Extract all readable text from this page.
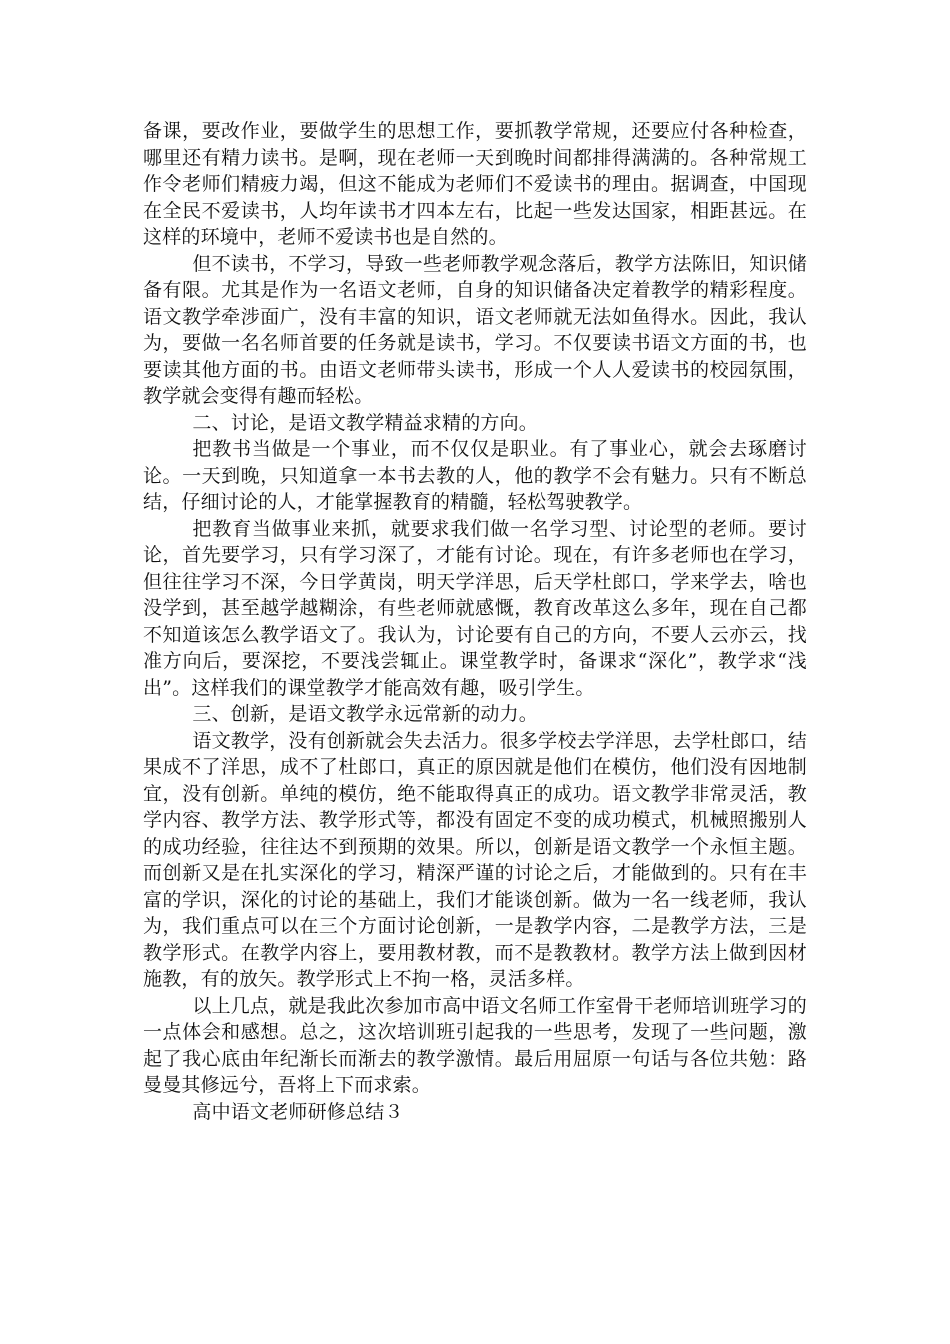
备课，要改作业，要做学生的思想工作，要抓教学常规，还要应付各种检查，哪里还有精力读书。是啊，现在老师一天到晚时间都排得满满的。各种常规工作令老师们精疲力竭，但这不能成为老师们不爱读书的理由。据调查，中国现在全民不爱读书，人均年读书才四本左右，比起一些发达国家，相距甚远。在这样的环境中，老师不爱读书也是自然的。

但不读书，不学习，导致一些老师教学观念落后，教学方法陈旧，知识储备有限。尤其是作为一名语文老师，自身的知识储备决定着教学的精彩程度。语文教学牵涉面广，没有丰富的知识，语文老师就无法如鱼得水。因此，我认为，要做一名名师首要的任务就是读书，学习。不仅要读书语文方面的书，也要读其他方面的书。由语文老师带头读书，形成一个人人爱读书的校园氛围，教学就会变得有趣而轻松。

二、讨论，是语文教学精益求精的方向。

把教书当做是一个事业，而不仅仅是职业。有了事业心，就会去琢磨讨论。一天到晚，只知道拿一本书去教的人，他的教学不会有魅力。只有不断总结，仔细讨论的人，才能掌握教育的精髓，轻松驾驶教学。

把教育当做事业来抓，就要求我们做一名学习型、讨论型的老师。要讨论，首先要学习，只有学习深了，才能有讨论。现在，有许多老师也在学习，但往往学习不深，今日学黄岗，明天学洋思，后天学杜郎口，学来学去，啥也没学到，甚至越学越糊涂，有些老师就感慨，教育改革这么多年，现在自己都不知道该怎么教学语文了。我认为，讨论要有自己的方向，不要人云亦云，找准方向后，要深挖，不要浅尝辄止。课堂教学时，备课求“深化”，教学求“浅出”。这样我们的课堂教学才能高效有趣，吸引学生。

三、创新，是语文教学永远常新的动力。

语文教学，没有创新就会失去活力。很多学校去学洋思，去学杜郎口，结果成不了洋思，成不了杜郎口，真正的原因就是他们在模仿，他们没有因地制宜，没有创新。单纯的模仿，绝不能取得真正的成功。语文教学非常灵活，教学内容、教学方法、教学形式等，都没有固定不变的成功模式，机械照搬别人的成功经验，往往达不到预期的效果。所以，创新是语文教学一个永恒主题。而创新又是在扎实深化的学习，精深严谨的讨论之后，才能做到的。只有在丰富的学识，深化的讨论的基础上，我们才能谈创新。做为一名一线老师，我认为，我们重点可以在三个方面讨论创新，一是教学内容，二是教学方法，三是教学形式。在教学内容上，要用教材教，而不是教教材。教学方法上做到因材施教，有的放矢。教学形式上不拘一格，灵活多样。

以上几点，就是我此次参加市高中语文名师工作室骨干老师培训班学习的一点体会和感想。总之，这次培训班引起我的一些思考，发现了一些问题，激起了我心底由年纪渐长而渐去的教学激情。最后用屈原一句话与各位共勉：路曼曼其修远兮，吾将上下而求索。

高中语文老师研修总结３
